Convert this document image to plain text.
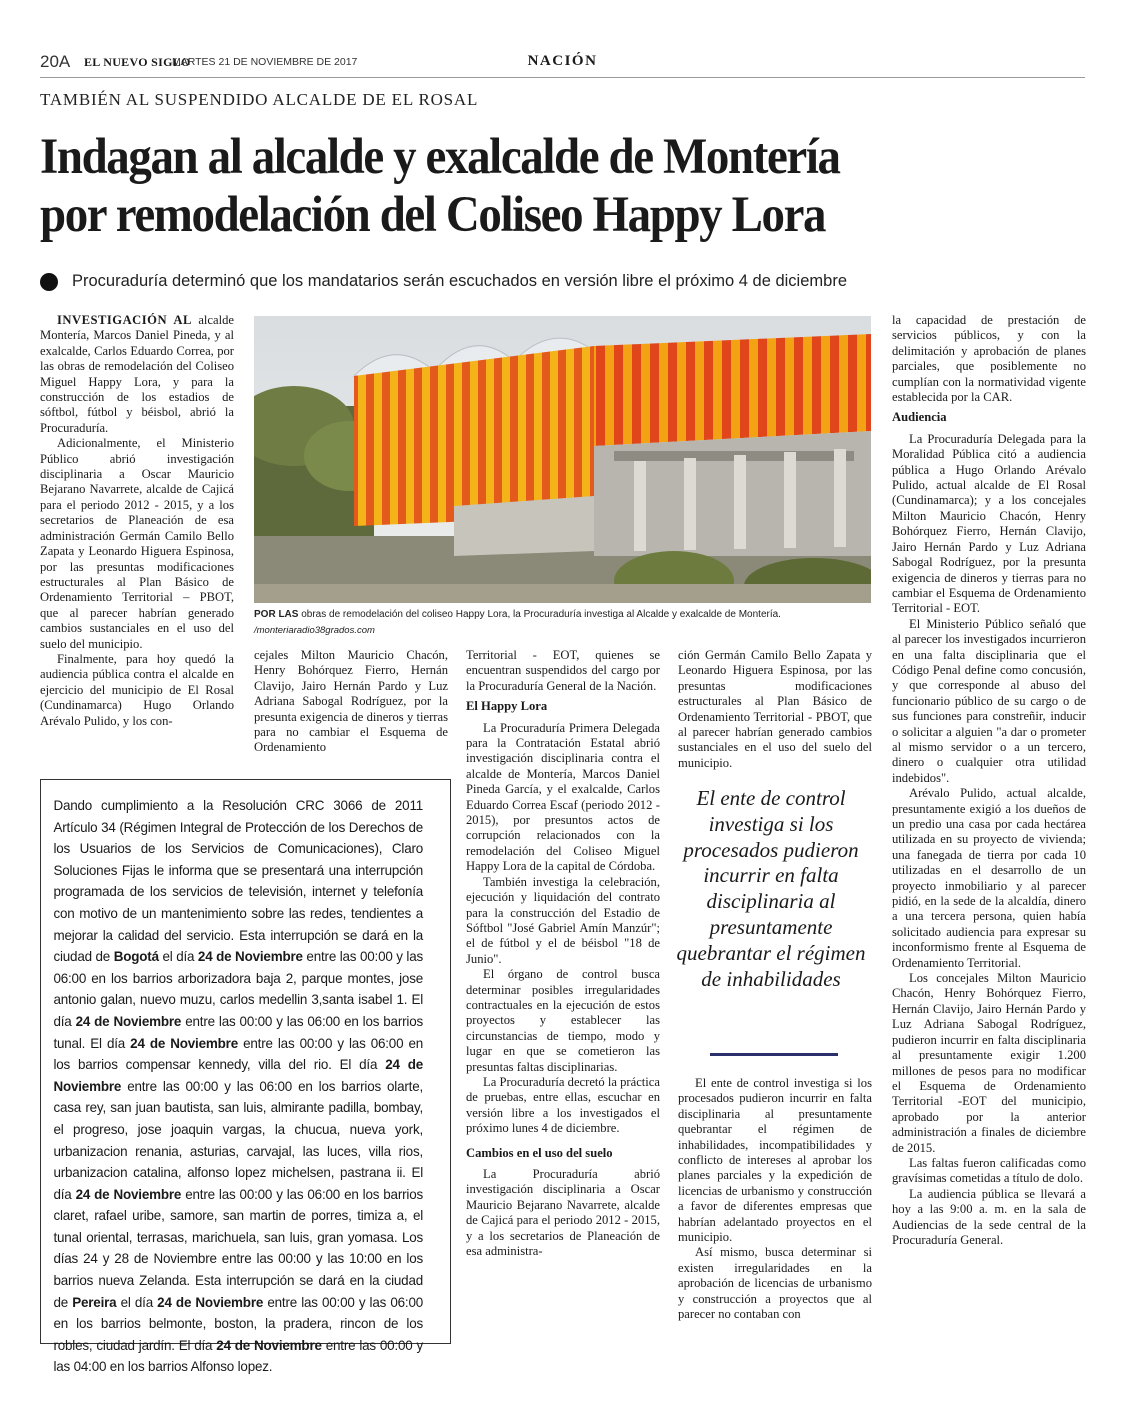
20A EL NUEVO SIGLO
MARTES 21 DE NOVIEMBRE DE 2017	NACIÓN
TAMBIÉN AL SUSPENDIDO ALCALDE DE EL ROSAL
Indagan al alcalde y exalcalde de Montería
por remodelación del Coliseo Happy Lora
Procuraduría determinó que los mandatarios serán escuchados en versión libre el próximo 4 de diciembre

INVESTIGACIÓN AL alcalde Montería, Marcos Daniel Pineda, y al exalcalde, Carlos Eduardo Correa, por las obras de remodelación del Coliseo Miguel Happy Lora, y para la construcción de los estadios de sóftbol, fútbol y béisbol, abrió la Procuraduría.

Adicionalmente, el Ministerio Público abrió investigación disciplinaria a Oscar Mauricio Bejarano Navarrete, alcalde de Cajicá para el periodo 2012 - 2015, y a los secretarios de Planeación de esa administración Germán Camilo Bello Zapata y Leonardo Higuera Espinosa, por las presuntas modificaciones estructurales al Plan Básico de Ordenamiento Territorial – PBOT, que al parecer habrían generado cambios sustanciales en el uso del suelo del municipio.

Finalmente, para hoy quedó la audiencia pública contra el alcalde en ejercicio del municipio de El Rosal (Cundinamarca) Hugo Orlando Arévalo Pulido, y los con-

POR LAS obras de remodelación del coliseo Happy Lora, la Procuraduría investiga al Alcalde y exalcalde de Montería.
/monteriaradio38grados.com

cejales Milton Mauricio Chacón, Henry Bohórquez Fierro, Hernán Clavijo, Jairo Hernán Pardo y Luz Adriana Sabogal Rodríguez, por la presunta exigencia de dineros y tierras para no cambiar el Esquema de Ordenamiento

Territorial - EOT, quienes se encuentran suspendidos del cargo por la Procuraduría General de la Nación.

El Happy Lora

La Procuraduría Primera Delegada para la Contratación Estatal abrió investigación disciplinaria contra el alcalde de Montería, Marcos Daniel Pineda García, y el exalcalde, Carlos Eduardo Correa Escaf (periodo 2012 - 2015), por presuntos actos de corrupción relacionados con la remodelación del Coliseo Miguel Happy Lora de la capital de Córdoba.

También investiga la celebración, ejecución y liquidación del contrato para la construcción del Estadio de Sóftbol "José Gabriel Amín Manzúr"; el de fútbol y el de béisbol "18 de Junio".

El órgano de control busca determinar posibles irregularidades contractuales en la ejecución de estos proyectos y establecer las circunstancias de tiempo, modo y lugar en que se cometieron las presuntas faltas disciplinarias.

La Procuraduría decretó la práctica de pruebas, entre ellas, escuchar en versión libre a los investigados el próximo lunes 4 de diciembre.

Cambios en el uso del suelo

La Procuraduría abrió investigación disciplinaria a Oscar Mauricio Bejarano Navarrete, alcalde de Cajicá para el periodo 2012 - 2015, y a los secretarios de Planeación de esa administra-

ción Germán Camilo Bello Zapata y Leonardo Higuera Espinosa, por las presuntas modificaciones estructurales al Plan Básico de Ordenamiento Territorial - PBOT, que al parecer habrían generado cambios sustanciales en el uso del suelo del municipio.

El ente de control investiga si los procesados pudieron incurrir en falta disciplinaria al presuntamente quebrantar el régimen de inhabilidades

El ente de control investiga si los procesados pudieron incurrir en falta disciplinaria al presuntamente quebrantar el régimen de inhabilidades, incompatibilidades y conflicto de intereses al aprobar los planes parciales y la expedición de licencias de urbanismo y construcción a favor de diferentes empresas que habrían adelantado proyectos en el municipio.

Así mismo, busca determinar si existen irregularidades en la aprobación de licencias de urbanismo y construcción a proyectos que al parecer no contaban con

la capacidad de prestación de servicios públicos, y con la delimitación y aprobación de planes parciales, que posiblemente no cumplían con la normatividad vigente establecida por la CAR.

Audiencia

La Procuraduría Delegada para la Moralidad Pública citó a audiencia pública a Hugo Orlando Arévalo Pulido, actual alcalde de El Rosal (Cundinamarca); y a los concejales Milton Mauricio Chacón, Henry Bohórquez Fierro, Hernán Clavijo, Jairo Hernán Pardo y Luz Adriana Sabogal Rodríguez, por la presunta exigencia de dineros y tierras para no cambiar el Esquema de Ordenamiento Territorial - EOT.

El Ministerio Público señaló que al parecer los investigados incurrieron en una falta disciplinaria que el Código Penal define como concusión, y que corresponde al abuso del funcionario público de su cargo o de sus funciones para constreñir, inducir o solicitar a alguien "a dar o prometer al mismo servidor o a un tercero, dinero o cualquier otra utilidad indebidos".

Arévalo Pulido, actual alcalde, presuntamente exigió a los dueños de un predio una casa por cada hectárea utilizada en su proyecto de vivienda; una fanegada de tierra por cada 10 utilizadas en el desarrollo de un proyecto inmobiliario y al parecer pidió, en la sede de la alcaldía, dinero a una tercera persona, quien había solicitado audiencia para expresar su inconformismo frente al Esquema de Ordenamiento Territorial.

Los concejales Milton Mauricio Chacón, Henry Bohórquez Fierro, Hernán Clavijo, Jairo Hernán Pardo y Luz Adriana Sabogal Rodríguez, pudieron incurrir en falta disciplinaria al presuntamente exigir 1.200 millones de pesos para no modificar el Esquema de Ordenamiento Territorial -EOT del municipio, aprobado por la anterior administración a finales de diciembre de 2015.

Las faltas fueron calificadas como gravísimas cometidas a título de dolo.

La audiencia pública se llevará a hoy a las 9:00 a. m. en la sala de Audiencias de la sede central de la Procuraduría General.

Dando cumplimiento a la Resolución CRC 3066 de 2011 Artículo 34 (Régimen Integral de Protección de los Derechos de los Usuarios de los Servicios de Comunicaciones), Claro Soluciones Fijas le informa que se presentará una interrupción programada de los servicios de televisión, internet y telefonía con motivo de un mantenimiento sobre las redes, tendientes a mejorar la calidad del servicio. Esta interrupción se dará en la ciudad de Bogotá el día 24 de Noviembre entre las 00:00 y las 06:00 en los barrios arborizadora baja 2, parque montes, jose antonio galan, nuevo muzu, carlos medellin 3,santa isabel 1. El día 24 de Noviembre entre las 00:00 y las 06:00 en los barrios tunal. El día 24 de Noviembre entre las 00:00 y las 06:00 en los barrios compensar kennedy, villa del rio. El día 24 de Noviembre entre las 00:00 y las 06:00 en los barrios olarte, casa rey, san juan bautista, san luis, almirante padilla, bombay, el progreso, jose joaquin vargas, la chucua, nueva york, urbanizacion renania, asturias, carvajal, las luces, villa rios, urbanizacion catalina, alfonso lopez michelsen, pastrana ii. El día 24 de Noviembre entre las 00:00 y las 06:00 en los barrios claret, rafael uribe, samore, san martin de porres, timiza a, el tunal oriental, terrasas, marichuela, san luis, gran yomasa. Los días 24 y 28 de Noviembre entre las 00:00 y las 10:00 en los barrios nueva Zelanda. Esta interrupción se dará en la ciudad de Pereira el día 24 de Noviembre entre las 00:00 y las 06:00 en los barrios belmonte, boston, la pradera, rincon de los robles, ciudad jardín. El día 24 de Noviembre entre las 00:00 y las 04:00 en los barrios Alfonso lopez.
